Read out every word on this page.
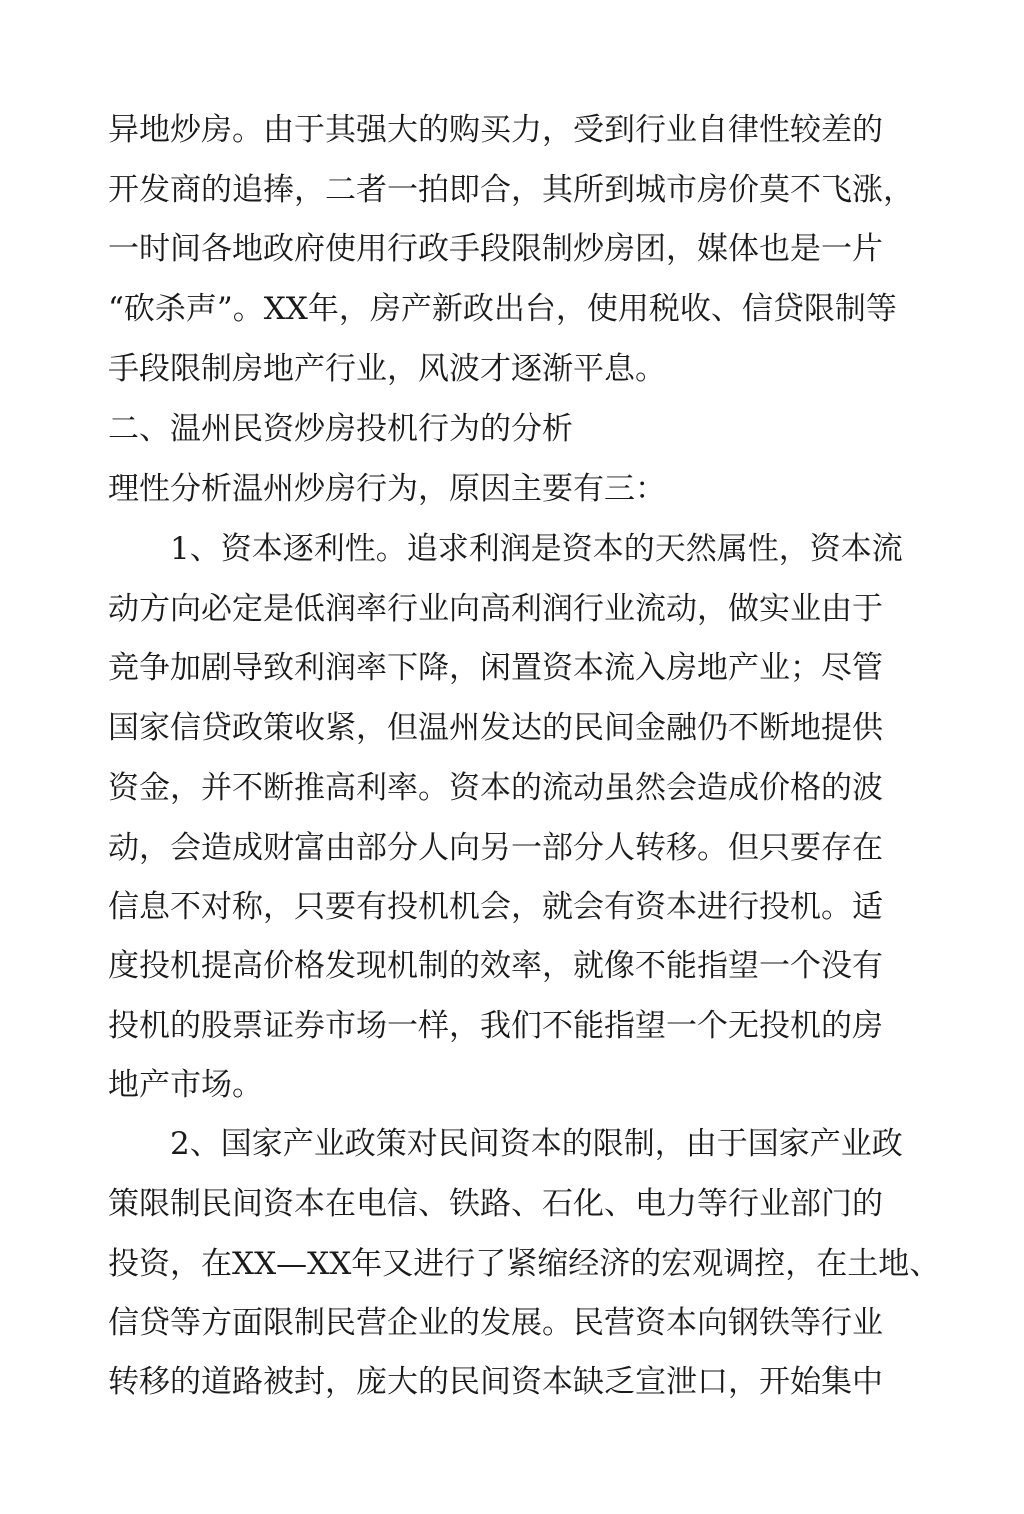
异地炒房。由于其强大的购买力，受到行业自律性较差的
开发商的追捧，二者一拍即合，其所到城市房价莫不飞涨，
一时间各地政府使用行政手段限制炒房团，媒体也是一片
“砍杀声”。XX年，房产新政出台，使用税收、信贷限制等
手段限制房地产行业，风波才逐渐平息。
二、温州民资炒房投机行为的分析
理性分析温州炒房行为，原因主要有三：
1、资本逐利性。追求利润是资本的天然属性，资本流
动方向必定是低润率行业向高利润行业流动，做实业由于
竞争加剧导致利润率下降，闲置资本流入房地产业；尽管
国家信贷政策收紧，但温州发达的民间金融仍不断地提供
资金，并不断推高利率。资本的流动虽然会造成价格的波
动，会造成财富由部分人向另一部分人转移。但只要存在
信息不对称，只要有投机机会，就会有资本进行投机。适
度投机提高价格发现机制的效率，就像不能指望一个没有
投机的股票证券市场一样，我们不能指望一个无投机的房
地产市场。
2、国家产业政策对民间资本的限制，由于国家产业政
策限制民间资本在电信、铁路、石化、电力等行业部门的
投资，在XX—XX年又进行了紧缩经济的宏观调控，在土地、
信贷等方面限制民营企业的发展。民营资本向钢铁等行业
转移的道路被封，庞大的民间资本缺乏宣泄口，开始集中
